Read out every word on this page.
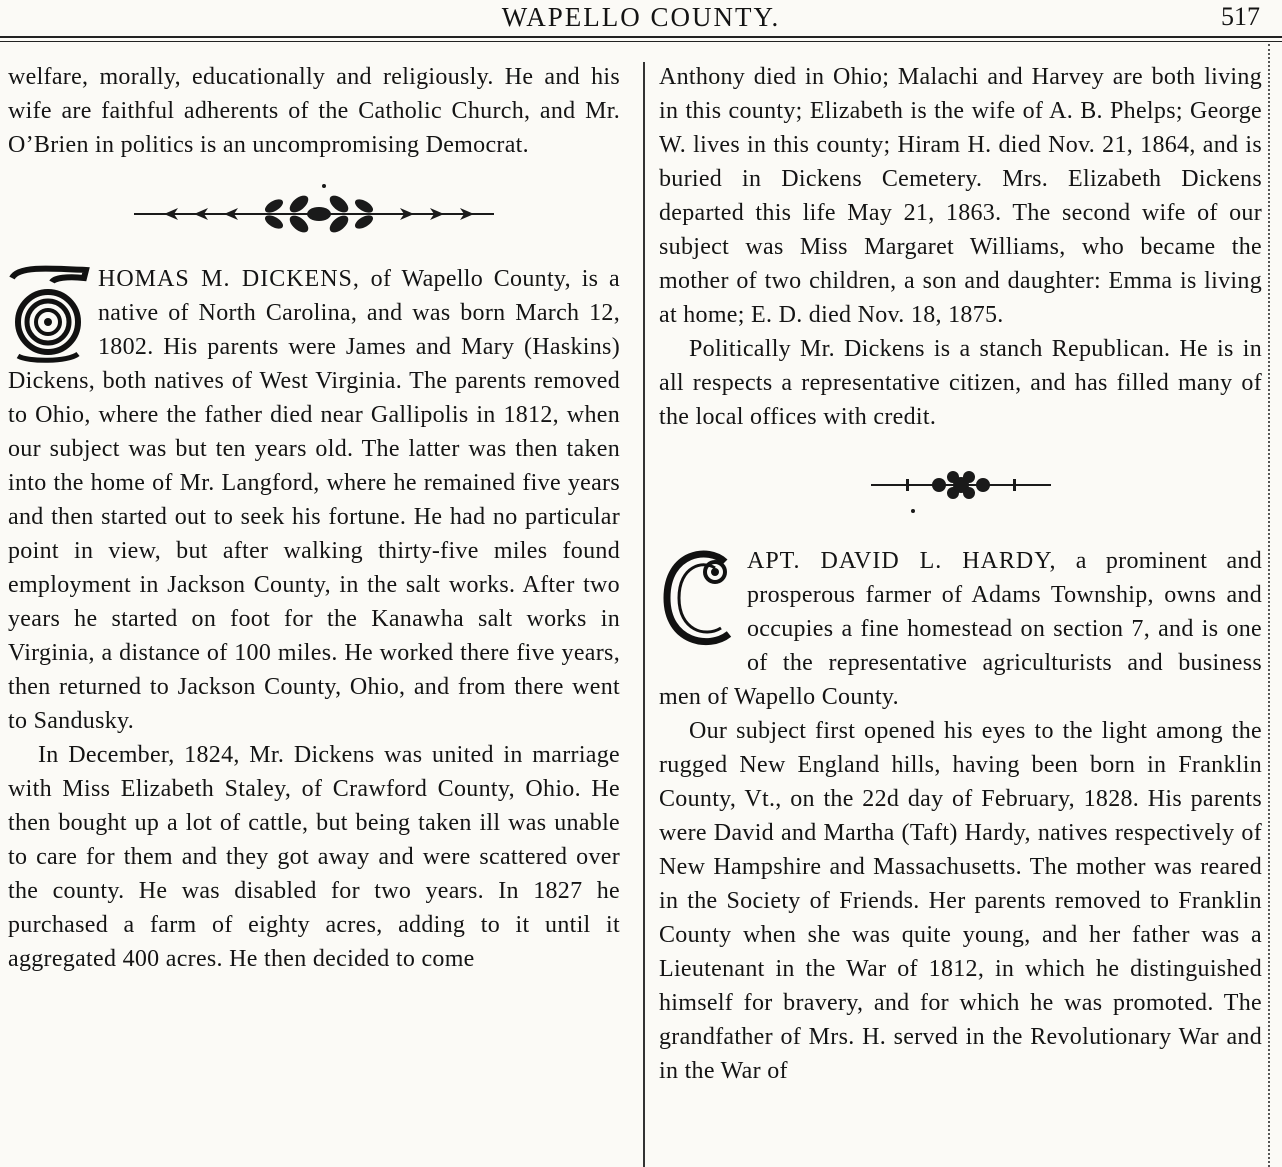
WAPELLO COUNTY.	517

welfare, morally, educationally and religiously. He and his wife are faithful adherents of the Catholic Church, and Mr. O’Brien in politics is an uncompromising Democrat.

HOMAS M. DICKENS, of Wapello County, is a native of North Carolina, and was born March 12, 1802. His parents were James and Mary (Haskins) Dickens, both natives of West Virginia. The parents removed to Ohio, where the father died near Gallipolis in 1812, when our subject was but ten years old. The latter was then taken into the home of Mr. Langford, where he remained five years and then started out to seek his fortune. He had no particular point in view, but after walking thirty-five miles found employment in Jackson County, in the salt works. After two years he started on foot for the Kanawha salt works in Virginia, a distance of 100 miles. He worked there five years, then returned to Jackson County, Ohio, and from there went to Sandusky.

In December, 1824, Mr. Dickens was united in marriage with Miss Elizabeth Staley, of Crawford County, Ohio. He then bought up a lot of cattle, but being taken ill was unable to care for them and they got away and were scattered over the county. He was disabled for two years. In 1827 he purchased a farm of eighty acres, adding to it until it aggregated 400 acres. He then decided to come

Anthony died in Ohio; Malachi and Harvey are both living in this county; Elizabeth is the wife of A. B. Phelps; George W. lives in this county; Hiram H. died Nov. 21, 1864, and is buried in Dickens Cemetery. Mrs. Elizabeth Dickens departed this life May 21, 1863. The second wife of our subject was Miss Margaret Williams, who became the mother of two children, a son and daughter: Emma is living at home; E. D. died Nov. 18, 1875.

Politically Mr. Dickens is a stanch Republican. He is in all respects a representative citizen, and has filled many of the local offices with credit.

APT. DAVID L. HARDY, a prominent and prosperous farmer of Adams Township, owns and occupies a fine homestead on section 7, and is one of the representative agriculturists and business men of Wapello County.

Our subject first opened his eyes to the light among the rugged New England hills, having been born in Franklin County, Vt., on the 22d day of February, 1828. His parents were David and Martha (Taft) Hardy, natives respectively of New Hampshire and Massachusetts. The mother was reared in the Society of Friends. Her parents removed to Franklin County when she was quite young, and her father was a Lieutenant in the War of 1812, in which he distinguished himself for bravery, and for which he was promoted. The grandfather of Mrs. H. served in the Revolutionary War and in the War of
